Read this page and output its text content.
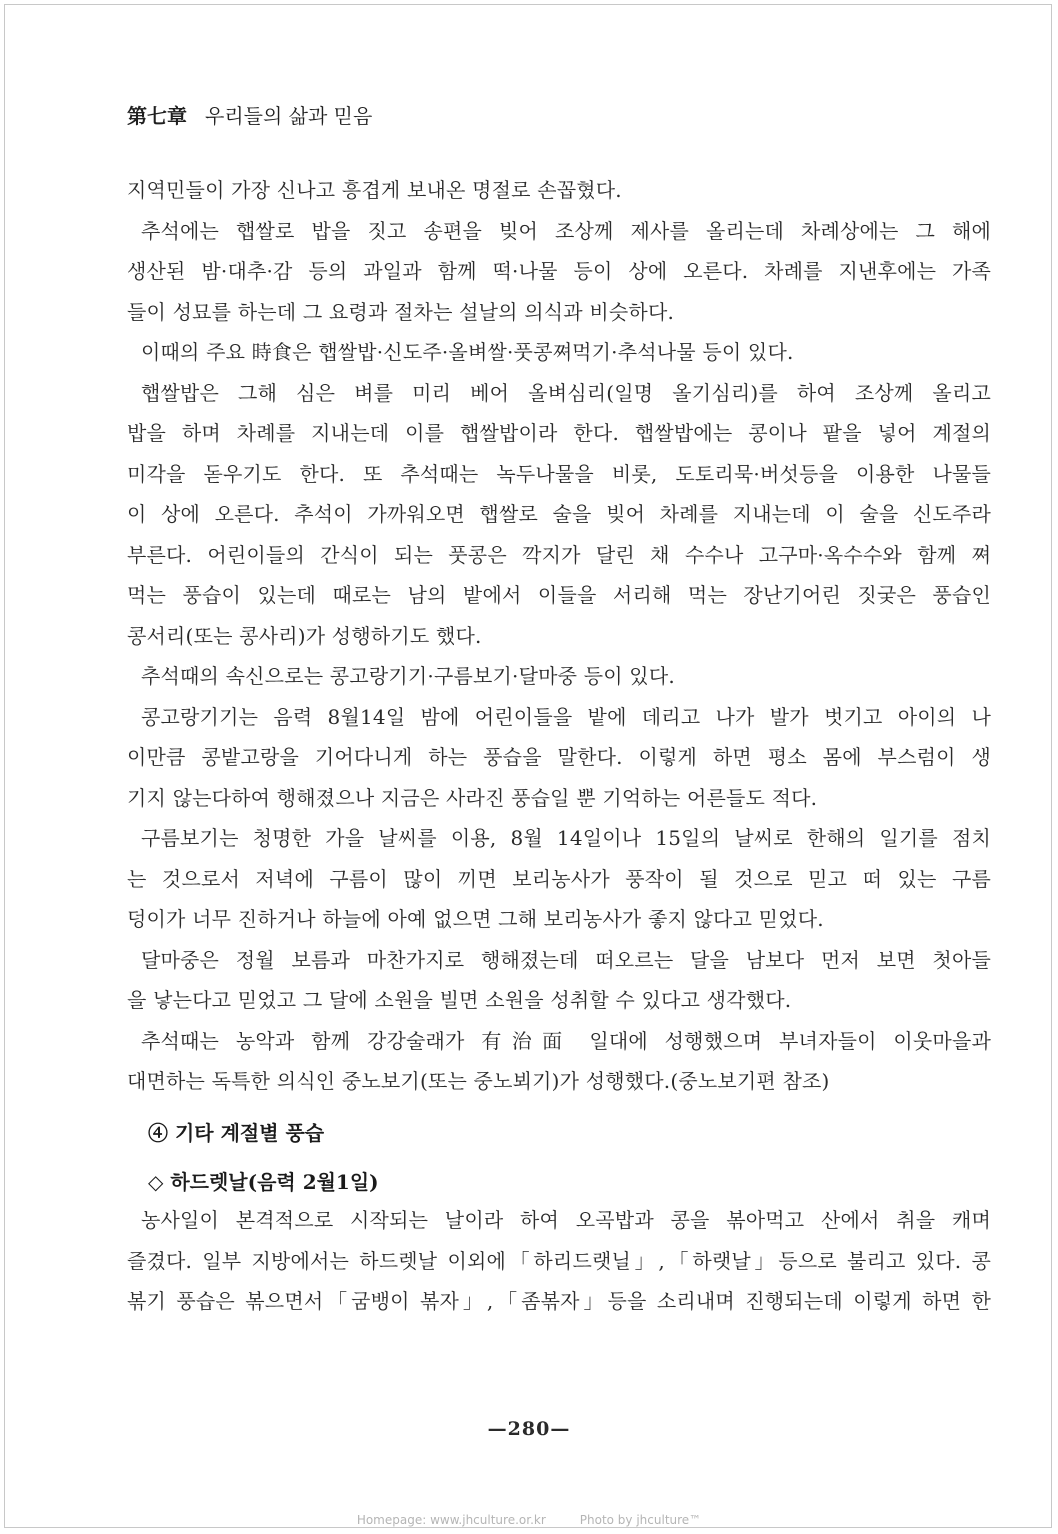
第七章 우리들의 삶과 믿음
지역민들이 가장 신나고 흥겹게 보내온 명절로 손꼽혔다.
추석에는 햅쌀로 밥을 짓고 송편을 빚어 조상께 제사를 올리는데 차례상에는 그 해에
생산된 밤·대추·감 등의 과일과 함께 떡·나물 등이 상에 오른다. 차례를 지낸후에는 가족
들이 성묘를 하는데 그 요령과 절차는 설날의 의식과 비슷하다.
이때의 주요 時食은 햅쌀밥·신도주·올벼쌀·풋콩쪄먹기·추석나물 등이 있다.
햅쌀밥은 그해 심은 벼를 미리 베어 올벼심리(일명 올기심리)를 하여 조상께 올리고
밥을 하며 차례를 지내는데 이를 햅쌀밥이라 한다. 햅쌀밥에는 콩이나 팥을 넣어 계절의
미각을 돋우기도 한다. 또 추석때는 녹두나물을 비롯, 도토리묵·버섯등을 이용한 나물들
이 상에 오른다. 추석이 가까워오면 햅쌀로 술을 빚어 차례를 지내는데 이 술을 신도주라
부른다. 어린이들의 간식이 되는 풋콩은 깍지가 달린 채 수수나 고구마·옥수수와 함께 쪄
먹는 풍습이 있는데 때로는 남의 밭에서 이들을 서리해 먹는 장난기어린 짓궂은 풍습인
콩서리(또는 콩사리)가 성행하기도 했다.
추석때의 속신으로는 콩고랑기기·구름보기·달마중 등이 있다.
콩고랑기기는 음력 8월14일 밤에 어린이들을 밭에 데리고 나가 발가 벗기고 아이의 나
이만큼 콩밭고랑을 기어다니게 하는 풍습을 말한다. 이렇게 하면 평소 몸에 부스럼이 생
기지 않는다하여 행해졌으나 지금은 사라진 풍습일 뿐 기억하는 어른들도 적다.
구름보기는 청명한 가을 날씨를 이용, 8월 14일이나 15일의 날씨로 한해의 일기를 점치
는 것으로서 저녁에 구름이 많이 끼면 보리농사가 풍작이 될 것으로 믿고 떠 있는 구름
덩이가 너무 진하거나 하늘에 아예 없으면 그해 보리농사가 좋지 않다고 믿었다.
달마중은 정월 보름과 마찬가지로 행해졌는데 떠오르는 달을 남보다 먼저 보면 첫아들
을 낳는다고 믿었고 그 달에 소원을 빌면 소원을 성취할 수 있다고 생각했다.
추석때는 농악과 함께 강강술래가 有治面 일대에 성행했으며 부녀자들이 이웃마을과
대면하는 독특한 의식인 중노보기(또는 중노뵈기)가 성행했다.(중노보기편 참조)
④ 기타 계절별 풍습
◇ 하드렛날(음력 2월1일)
농사일이 본격적으로 시작되는 날이라 하여 오곡밥과 콩을 볶아먹고 산에서 취을 캐며
즐겼다. 일부 지방에서는 하드렛날 이외에「하리드랫닐」,「하랫날」등으로 불리고 있다. 콩
볶기 풍습은 볶으면서「굼뱅이 볶자」,「좀볶자」등을 소리내며 진행되는데 이렇게 하면 한
—280—
Homepage: www.jhculture.or.kr	Photo by jhculture™
